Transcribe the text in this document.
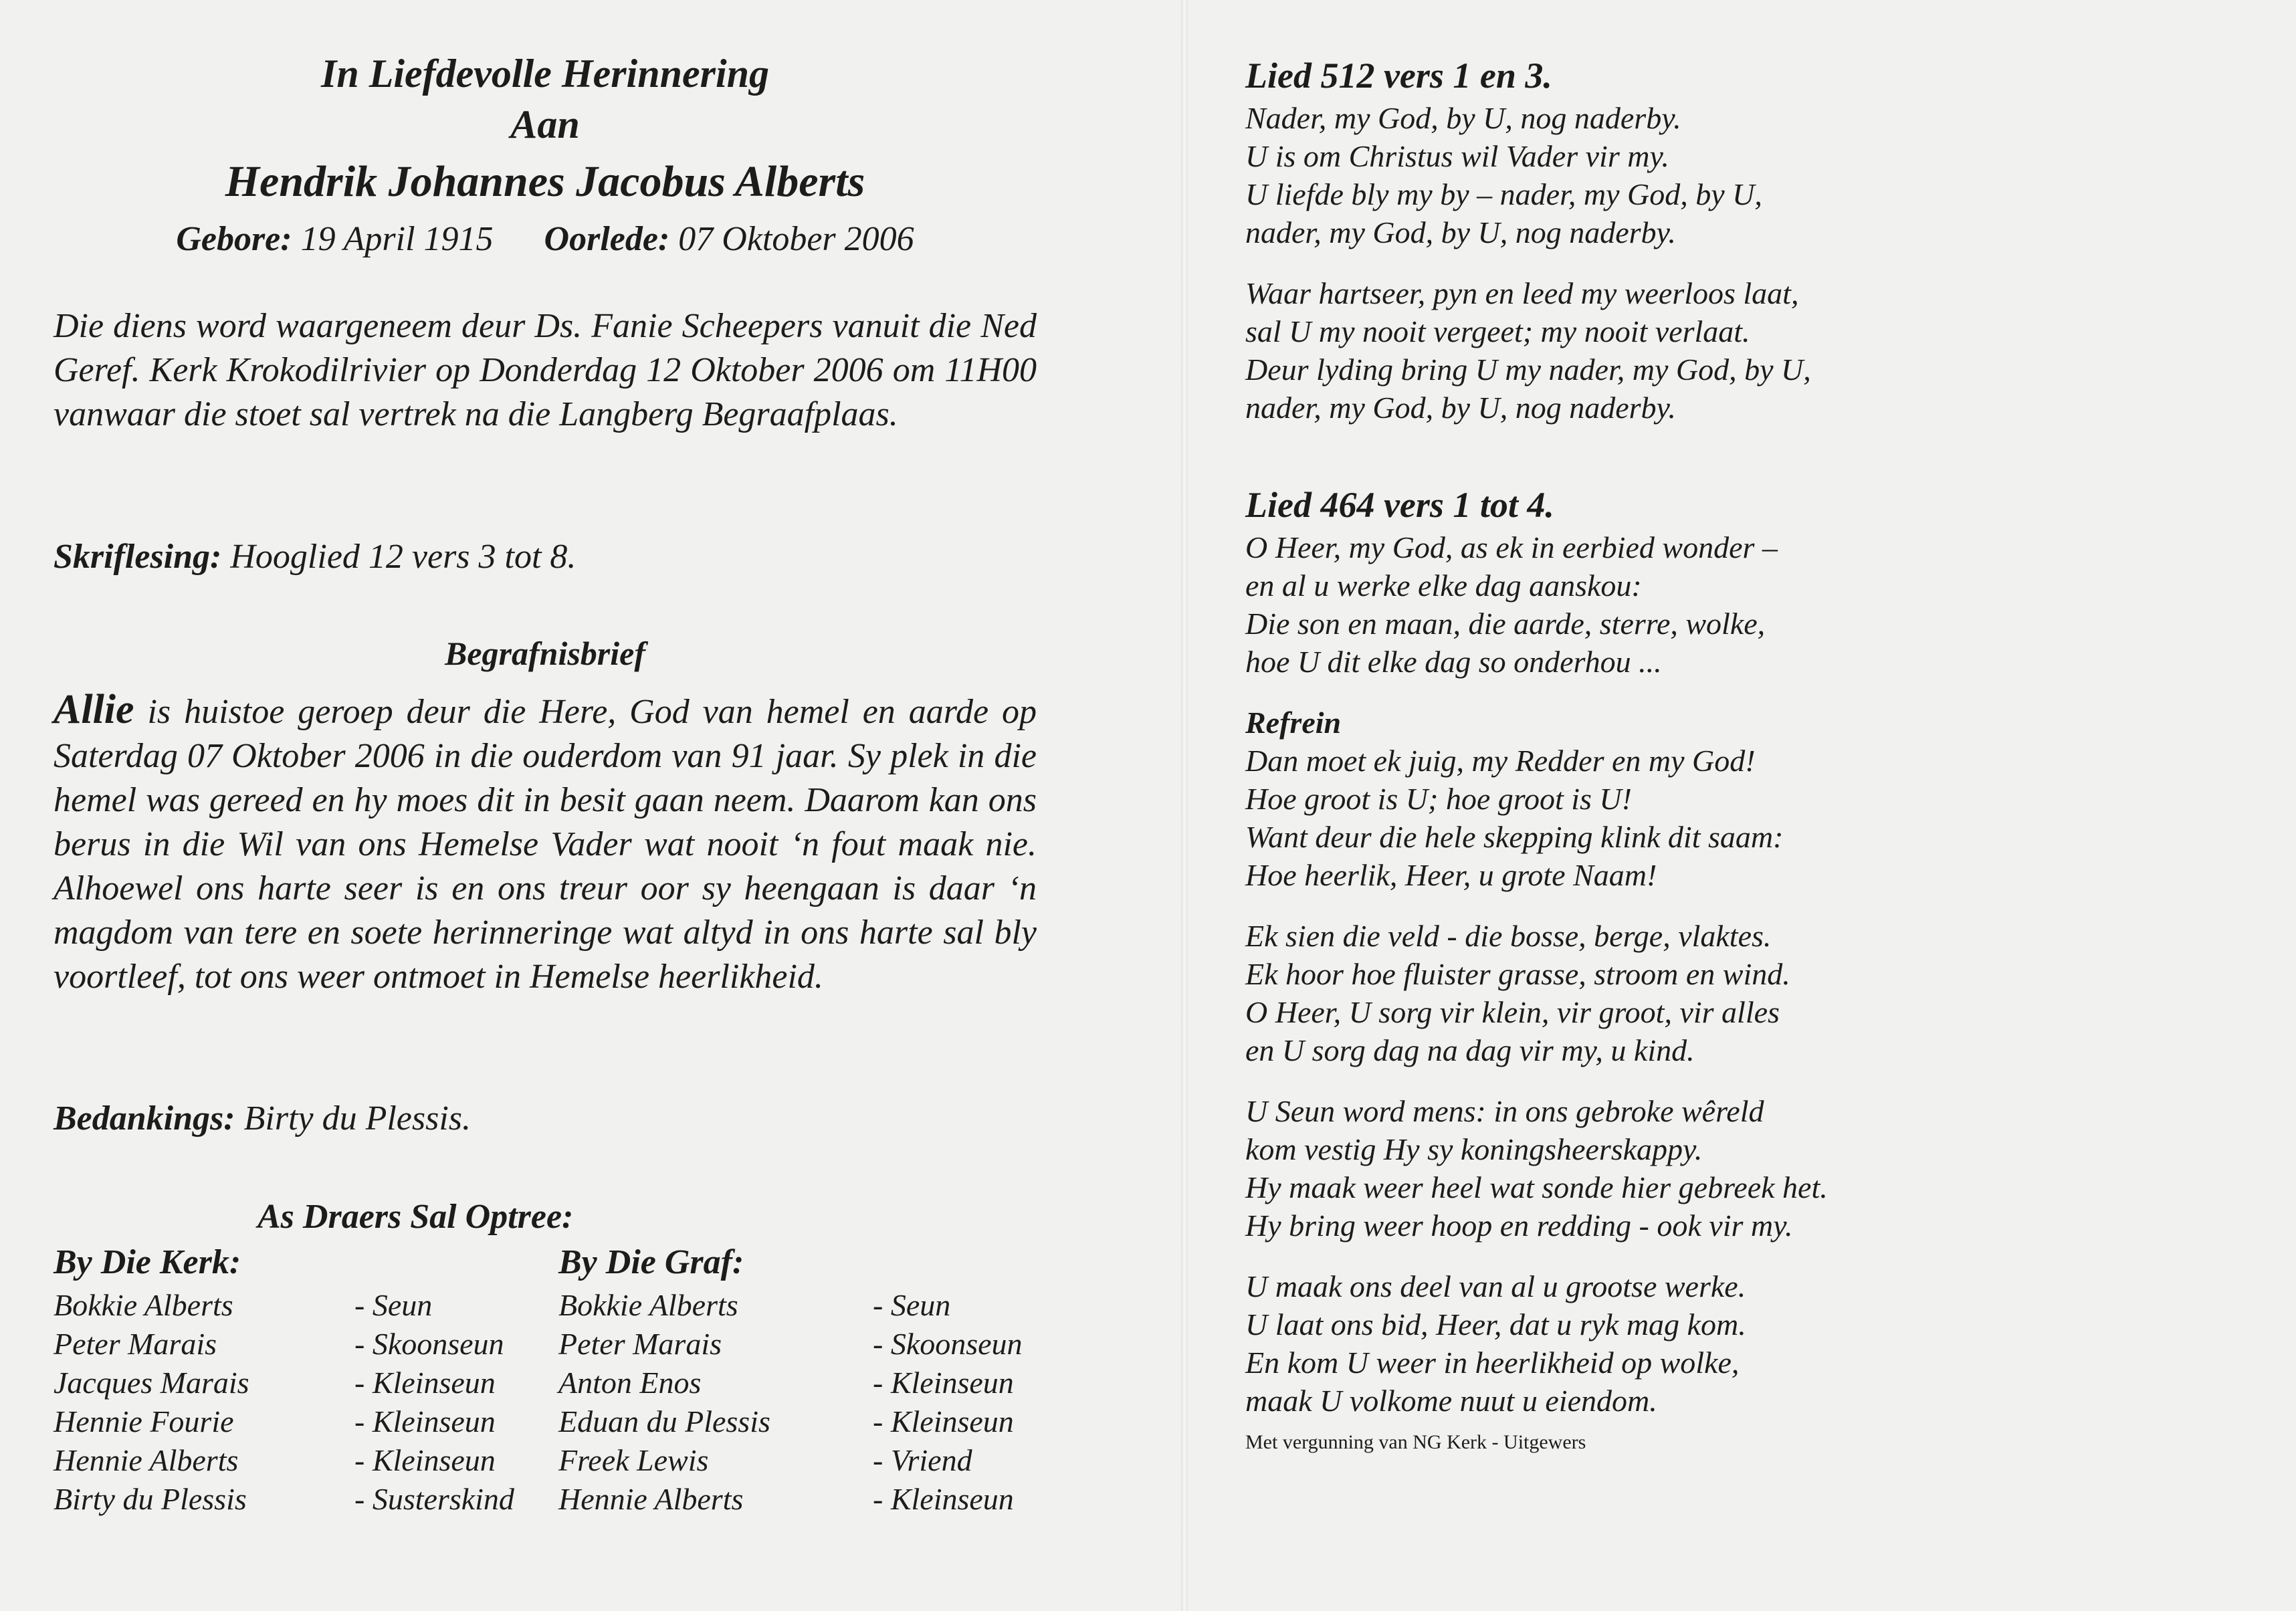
In Liefdevolle Herinnering
Aan
Hendrik Johannes Jacobus Alberts
Gebore: 19 April 1915 Oorlede: 07 Oktober 2006
Die diens word waargeneem deur Ds. Fanie Scheepers vanuit die Ned Geref. Kerk Krokodilrivier op Donderdag 12 Oktober 2006 om 11H00 vanwaar die stoet sal vertrek na die Langberg Begraafplaas.
Skriflesing: Hooglied 12 vers 3 tot 8.
Begrafnisbrief
Allie is huistoe geroep deur die Here, God van hemel en aarde op Saterdag 07 Oktober 2006 in die ouderdom van 91 jaar. Sy plek in die hemel was gereed en hy moes dit in besit gaan neem. Daarom kan ons berus in die Wil van ons Hemelse Vader wat nooit ‘n fout maak nie. Alhoewel ons harte seer is en ons treur oor sy heengaan is daar ‘n magdom van tere en soete herinneringe wat altyd in ons harte sal bly voortleef, tot ons weer ontmoet in Hemelse heerlikheid.
Bedankings: Birty du Plessis.
As Draers Sal Optree:
By Die Kerk:
Bokkie Alberts	- Seun
Peter Marais	- Skoonseun
Jacques Marais	- Kleinseun
Hennie Fourie	- Kleinseun
Hennie Alberts	- Kleinseun
Birty du Plessis	- Susterskind
By Die Graf:
Bokkie Alberts	- Seun
Peter Marais	- Skoonseun
Anton Enos	- Kleinseun
Eduan du Plessis	- Kleinseun
Freek Lewis	- Vriend
Hennie Alberts	- Kleinseun
Lied 512 vers 1 en 3.
Nader, my God, by U, nog naderby.
U is om Christus wil Vader vir my.
U liefde bly my by – nader, my God, by U,
nader, my God, by U, nog naderby.
Waar hartseer, pyn en leed my weerloos laat,
sal U my nooit vergeet; my nooit verlaat.
Deur lyding bring U my nader, my God, by U,
nader, my God, by U, nog naderby.
Lied 464 vers 1 tot 4.
O Heer, my God, as ek in eerbied wonder –
en al u werke elke dag aanskou:
Die son en maan, die aarde, sterre, wolke,
hoe U dit elke dag so onderhou ...
Refrein
Dan moet ek juig, my Redder en my God!
Hoe groot is U; hoe groot is U!
Want deur die hele skepping klink dit saam:
Hoe heerlik, Heer, u grote Naam!
Ek sien die veld - die bosse, berge, vlaktes.
Ek hoor hoe fluister grasse, stroom en wind.
O Heer, U sorg vir klein, vir groot, vir alles
en U sorg dag na dag vir my, u kind.
U Seun word mens: in ons gebroke wêreld
kom vestig Hy sy koningsheerskappy.
Hy maak weer heel wat sonde hier gebreek het.
Hy bring weer hoop en redding - ook vir my.
U maak ons deel van al u grootse werke.
U laat ons bid, Heer, dat u ryk mag kom.
En kom U weer in heerlikheid op wolke,
maak U volkome nuut u eiendom.
Met vergunning van NG Kerk - Uitgewers
